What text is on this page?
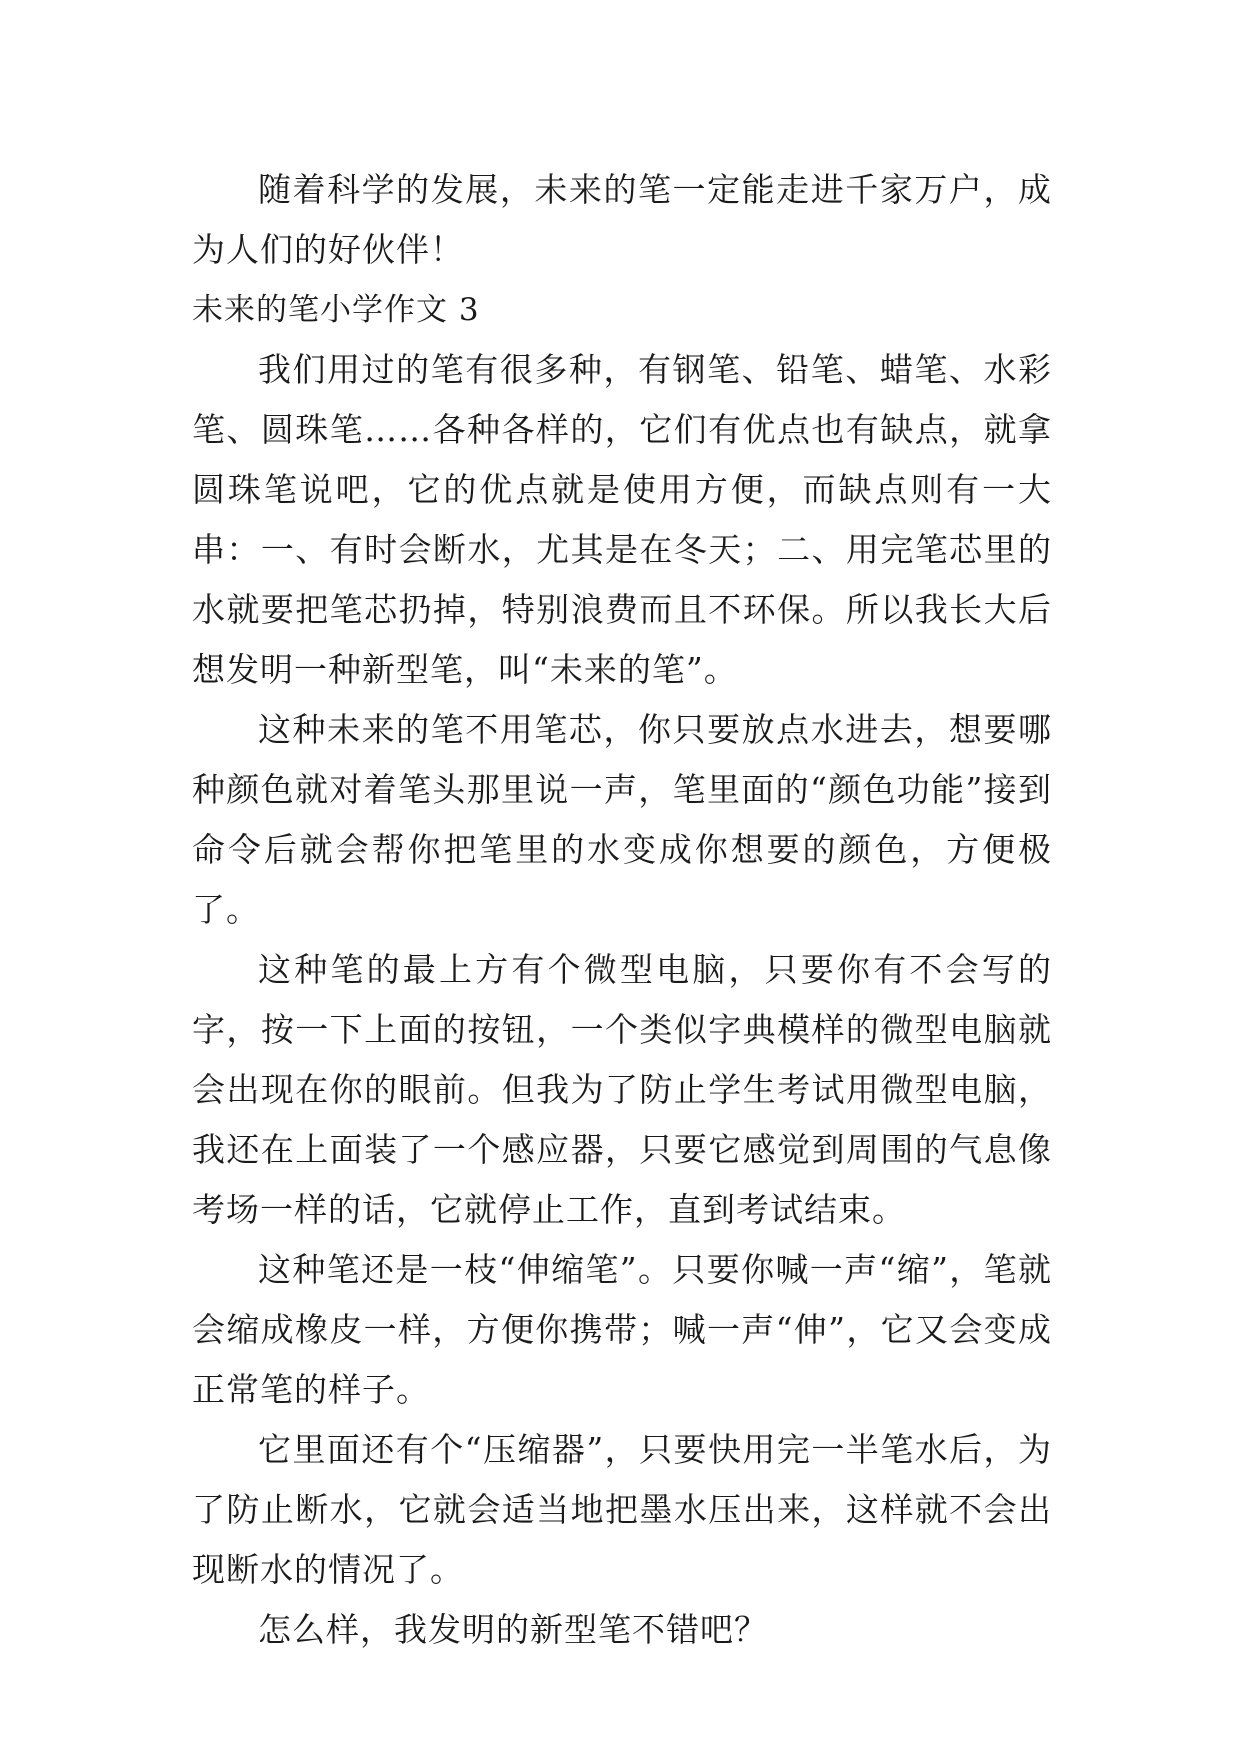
随着科学的发展，未来的笔一定能走进千家万户，成为人们的好伙伴！

未来的笔小学作文 3

我们用过的笔有很多种，有钢笔、铅笔、蜡笔、水彩笔、圆珠笔……各种各样的，它们有优点也有缺点，就拿圆珠笔说吧，它的优点就是使用方便，而缺点则有一大串：一、有时会断水，尤其是在冬天；二、用完笔芯里的水就要把笔芯扔掉，特别浪费而且不环保。所以我长大后想发明一种新型笔，叫“未来的笔”。

这种未来的笔不用笔芯，你只要放点水进去，想要哪种颜色就对着笔头那里说一声，笔里面的“颜色功能”接到命令后就会帮你把笔里的水变成你想要的颜色，方便极了。

这种笔的最上方有个微型电脑，只要你有不会写的字，按一下上面的按钮，一个类似字典模样的微型电脑就会出现在你的眼前。但我为了防止学生考试用微型电脑，我还在上面装了一个感应器，只要它感觉到周围的气息像考场一样的话，它就停止工作，直到考试结束。

这种笔还是一枝“伸缩笔”。只要你喊一声“缩”，笔就会缩成橡皮一样，方便你携带；喊一声“伸”，它又会变成正常笔的样子。

它里面还有个“压缩器”，只要快用完一半笔水后，为了防止断水，它就会适当地把墨水压出来，这样就不会出现断水的情况了。

怎么样，我发明的新型笔不错吧？
